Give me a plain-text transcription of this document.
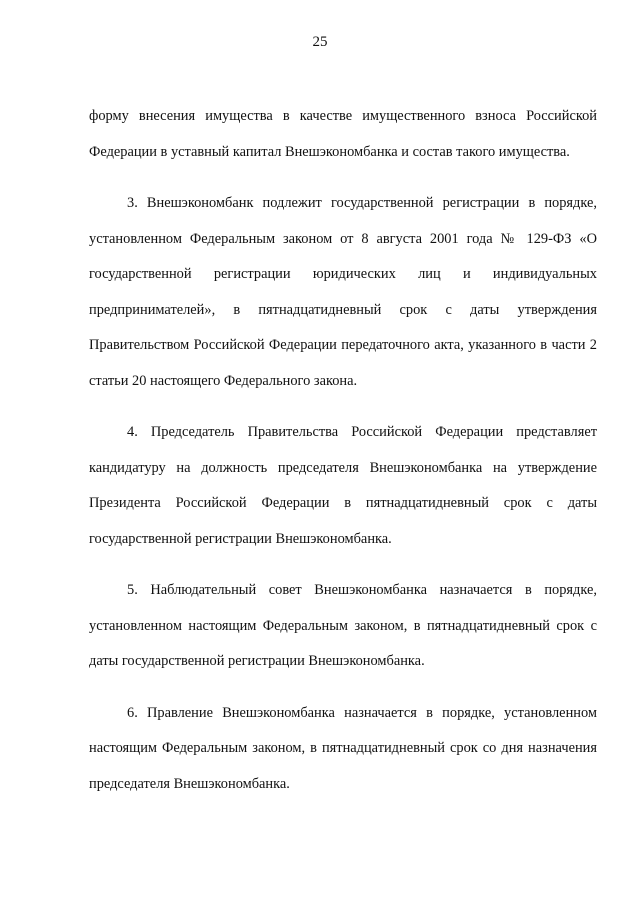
25

форму внесения имущества в качестве имущественного взноса Российской Федерации в уставный капитал Внешэкономбанка и состав такого имущества.

3. Внешэкономбанк подлежит государственной регистрации в порядке, установленном Федеральным законом от 8 августа 2001 года № 129-ФЗ «О государственной регистрации юридических лиц и индивидуальных предпринимателей», в пятнадцатидневный срок с даты утверждения Правительством Российской Федерации передаточного акта, указанного в части 2 статьи 20 настоящего Федерального закона.

4. Председатель Правительства Российской Федерации представляет кандидатуру на должность председателя Внешэкономбанка на утверждение Президента Российской Федерации в пятнадцатидневный срок с даты государственной регистрации Внешэкономбанка.

5. Наблюдательный совет Внешэкономбанка назначается в порядке, установленном настоящим Федеральным законом, в пятнадцатидневный срок с даты государственной регистрации Внешэкономбанка.

6. Правление Внешэкономбанка назначается в порядке, установленном настоящим Федеральным законом, в пятнадцатидневный срок со дня назначения председателя Внешэкономбанка.
